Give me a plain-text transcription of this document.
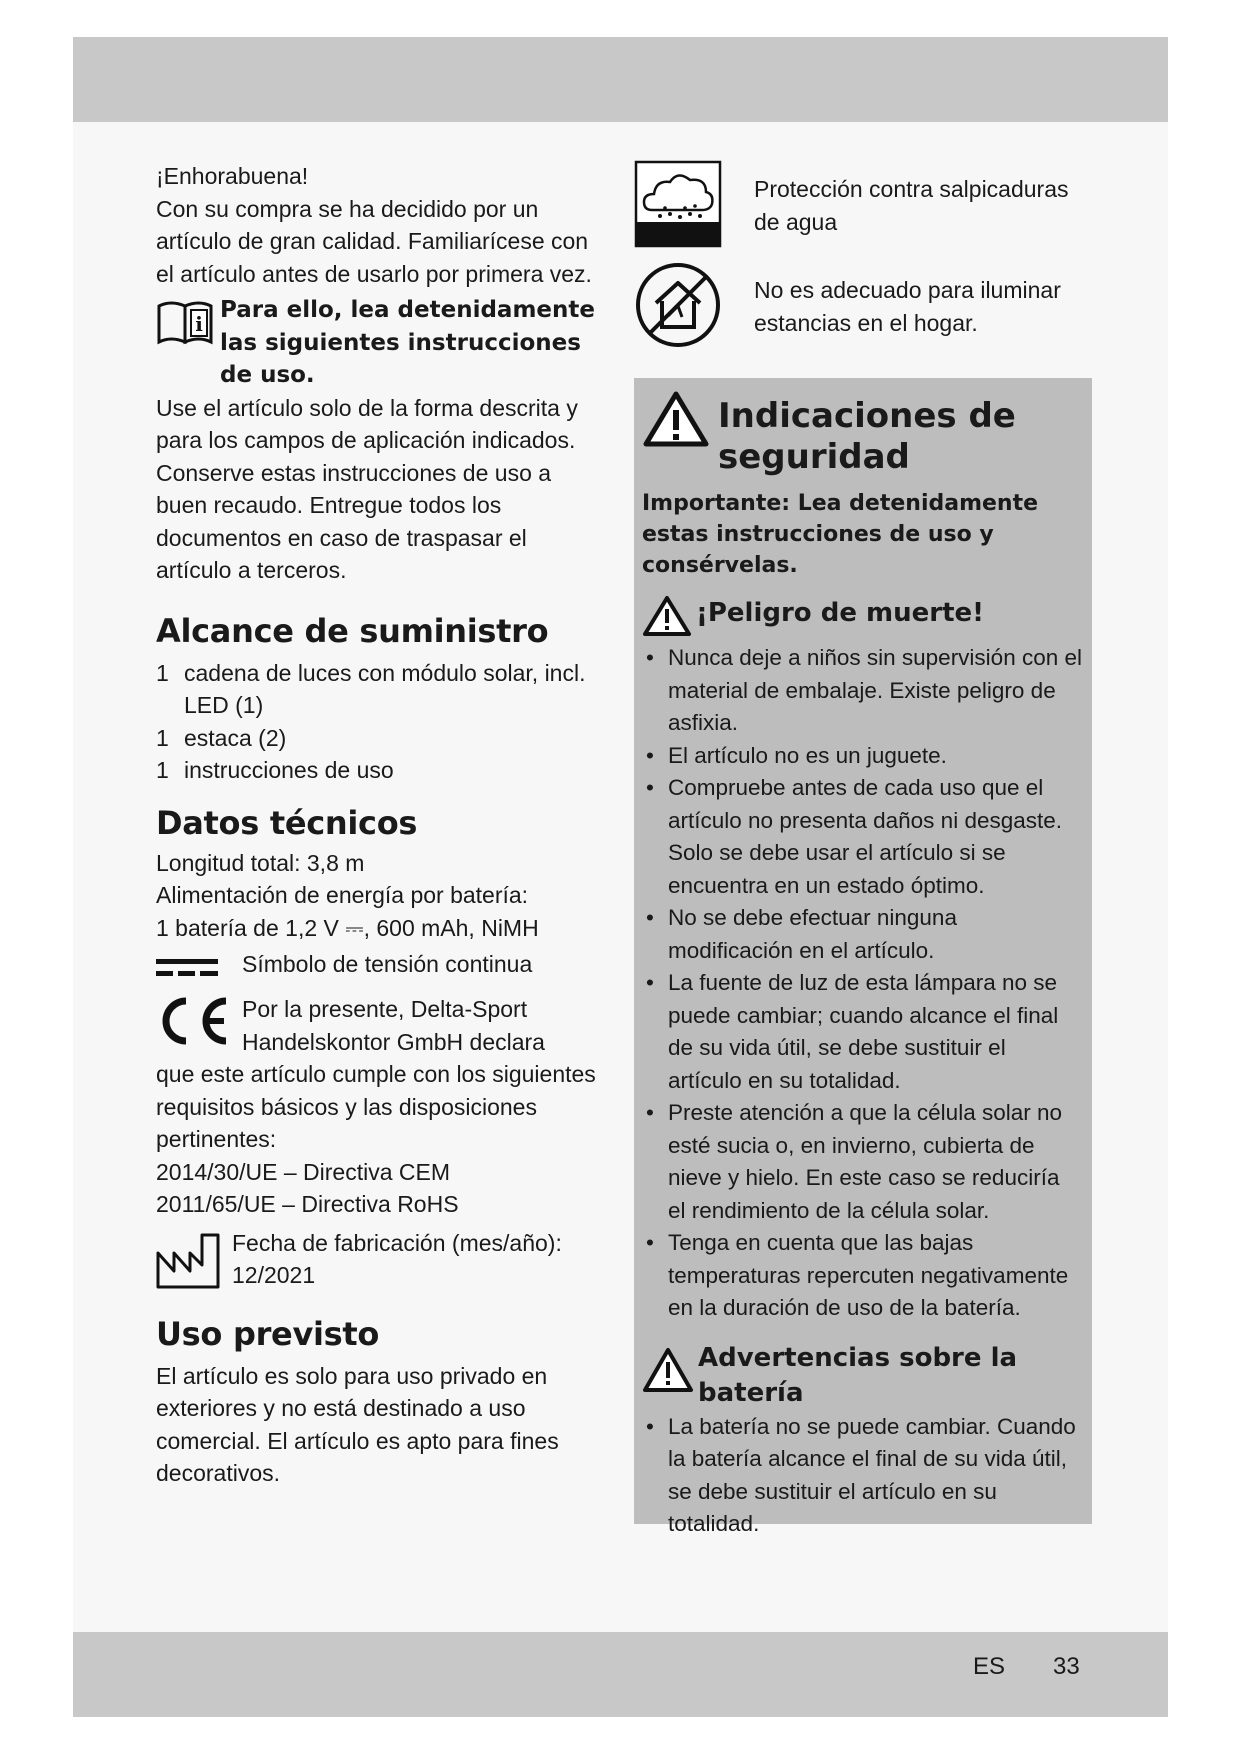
¡Enhorabuena!

Con su compra se ha decidido por un artículo de gran calidad. Familiarícese con el artículo antes de usarlo por primera vez.

i
Para ello, lea detenidamente las siguientes instrucciones de uso.

Use el artículo solo de la forma descrita y para los campos de aplicación indicados. Conserve estas instrucciones de uso a buen recaudo. Entregue todos los documentos en caso de traspasar el artículo a terceros.

Alcance de suministro
1 cadena de luces con módulo solar, incl. LED (1)
1 estaca (2)
1 instrucciones de uso
Datos técnicos

Longitud total: 3,8 m

Alimentación de energía por batería:

1 batería de 1,2 V ⎓, 600 mAh, NiMH

Símbolo de tensión continua

Por la presente, Delta-Sport Handelskontor GmbH declara

que este artículo cumple con los siguientes requisitos básicos y las disposiciones pertinentes:

2014/30/UE – Directiva CEM

2011/65/UE – Directiva RoHS

Fecha de fabricación (mes/año): 12/2021

Uso previsto

El artículo es solo para uso privado en exteriores y no está destinado a uso comercial. El artículo es apto para fines decorativos.

Protección contra salpicaduras de agua
No es adecuado para iluminar estancias en el hogar.
Indicaciones de seguridad
Importante: Lea detenidamente estas instrucciones de uso y consérvelas.
¡Peligro de muerte!
• Nunca deje a niños sin supervisión con el material de embalaje. Existe peligro de asfixia.
• El artículo no es un juguete.
• Compruebe antes de cada uso que el artículo no presenta daños ni desgaste. Solo se debe usar el artículo si se encuentra en un estado óptimo.
• No se debe efectuar ninguna modificación en el artículo.
• La fuente de luz de esta lámpara no se puede cambiar; cuando alcance el final de su vida útil, se debe sustituir el artículo en su totalidad.
• Preste atención a que la célula solar no esté sucia o, en invierno, cubierta de nieve y hielo. En este caso se reduciría el rendimiento de la célula solar.
• Tenga en cuenta que las bajas temperaturas repercuten negativamente en la duración de uso de la batería.
Advertencias sobre la batería
• La batería no se puede cambiar. Cuando la batería alcance el final de su vida útil, se debe sustituir el artículo en su totalidad.
ES 33
